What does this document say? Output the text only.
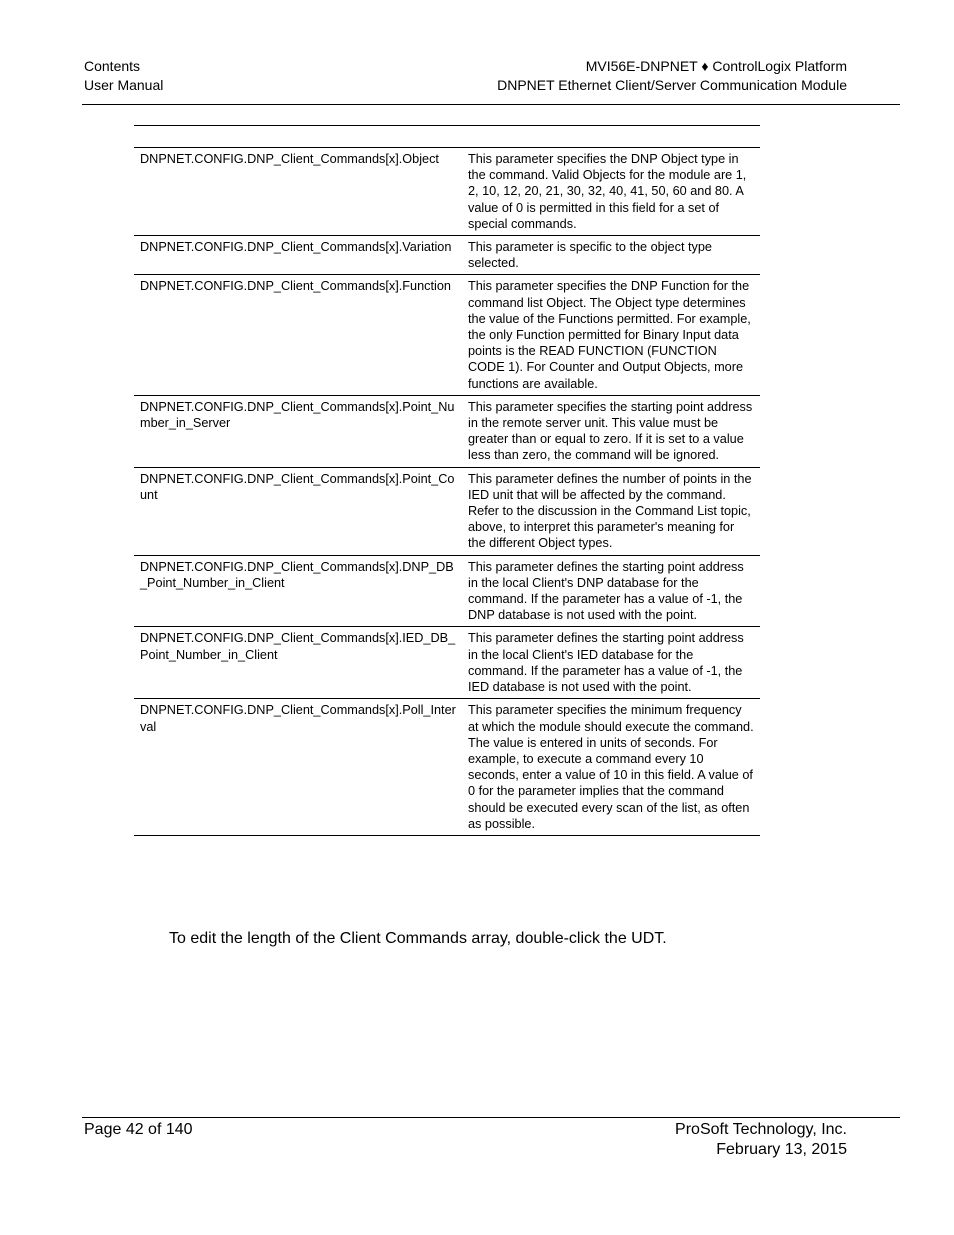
Contents
User Manual
MVI56E-DNPNET ♦ ControlLogix Platform
DNPNET Ethernet Client/Server Communication Module

DNPNET.CONFIG.DNP_Client_Commands[x].Object	This parameter specifies the DNP Object type in the command. Valid Objects for the module are 1, 2, 10, 12, 20, 21, 30, 32, 40, 41, 50, 60 and 80. A value of 0 is permitted in this field for a set of special commands.
DNPNET.CONFIG.DNP_Client_Commands[x].Variation	This parameter is specific to the object type selected.
DNPNET.CONFIG.DNP_Client_Commands[x].Function	This parameter specifies the DNP Function for the command list Object. The Object type determines the value of the Functions permitted. For example, the only Function permitted for Binary Input data points is the READ FUNCTION (FUNCTION CODE 1). For Counter and Output Objects, more functions are available.
DNPNET.CONFIG.DNP_Client_Commands[x].Point_Number_in_Server	This parameter specifies the starting point address in the remote server unit. This value must be greater than or equal to zero. If it is set to a value less than zero, the command will be ignored.
DNPNET.CONFIG.DNP_Client_Commands[x].Point_Count	This parameter defines the number of points in the IED unit that will be affected by the command. Refer to the discussion in the Command List topic, above, to interpret this parameter's meaning for the different Object types.
DNPNET.CONFIG.DNP_Client_Commands[x].DNP_DB_Point_Number_in_Client	This parameter defines the starting point address in the local Client's DNP database for the command. If the parameter has a value of -1, the DNP database is not used with the point.
DNPNET.CONFIG.DNP_Client_Commands[x].IED_DB_Point_Number_in_Client	This parameter defines the starting point address in the local Client's IED database for the command. If the parameter has a value of -1, the IED database is not used with the point.
DNPNET.CONFIG.DNP_Client_Commands[x].Poll_Interval	This parameter specifies the minimum frequency at which the module should execute the command. The value is entered in units of seconds. For example, to execute a command every 10 seconds, enter a value of 10 in this field. A value of 0 for the parameter implies that the command should be executed every scan of the list, as often as possible.
To edit the length of the Client Commands array, double-click the UDT.
Page 42 of 140	ProSoft Technology, Inc.
February 13, 2015
